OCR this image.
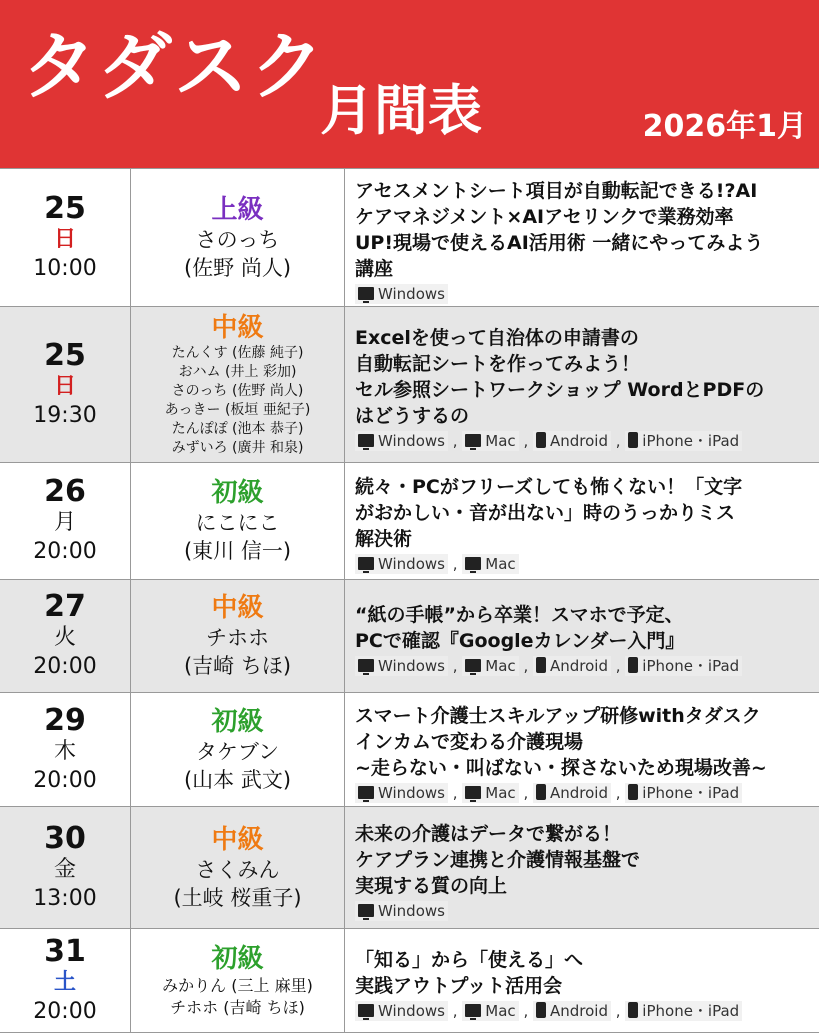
タダスク
月間表	2026年1月
25
日
10:00
上級
さのっち
(佐野 尚人)
アセスメントシート項目が自動転記できる!?AI
ケアマネジメント×AIアセリンクで業務効率
UP!現場で使えるAI活用術 一緒にやってみよう
講座
Windows
25
日
19:30
中級
たんくす (佐藤 純子)
おハム (井上 彩加)
さのっち (佐野 尚人)
あっきー (板垣 亜紀子)
たんぽぽ (池本 恭子)
みずいろ (廣井 和泉)
Excelを使って自治体の申請書の
自動転記シートを作ってみよう！
セル参照シートワークショップ WordとPDFの
はどうするの
Windows , Mac , Android , iPhone・iPad
26
月
20:00
初級
にこにこ
(東川 信一)
続々・PCがフリーズしても怖くない！「文字
がおかしい・音が出ない」時のうっかりミス
解決術
Windows , Mac
27
火
20:00
中級
チホホ
(吉崎 ちほ)
“紙の手帳”から卒業！スマホで予定、
PCで確認『Googleカレンダー入門』
Windows , Mac , Android , iPhone・iPad
29
木
20:00
初級
タケブン
(山本 武文)
スマート介護士スキルアップ研修withタダスク
インカムで変わる介護現場
~走らない・叫ばない・探さないため現場改善~
Windows , Mac , Android , iPhone・iPad
30
金
13:00
中級
さくみん
(土岐 桜重子)
未来の介護はデータで繋がる！
ケアプラン連携と介護情報基盤で
実現する質の向上
Windows
31
土
20:00
初級
みかりん (三上 麻里)
チホホ (吉崎 ちほ)
「知る」から「使える」へ
実践アウトプット活用会
Windows , Mac , Android , iPhone・iPad
